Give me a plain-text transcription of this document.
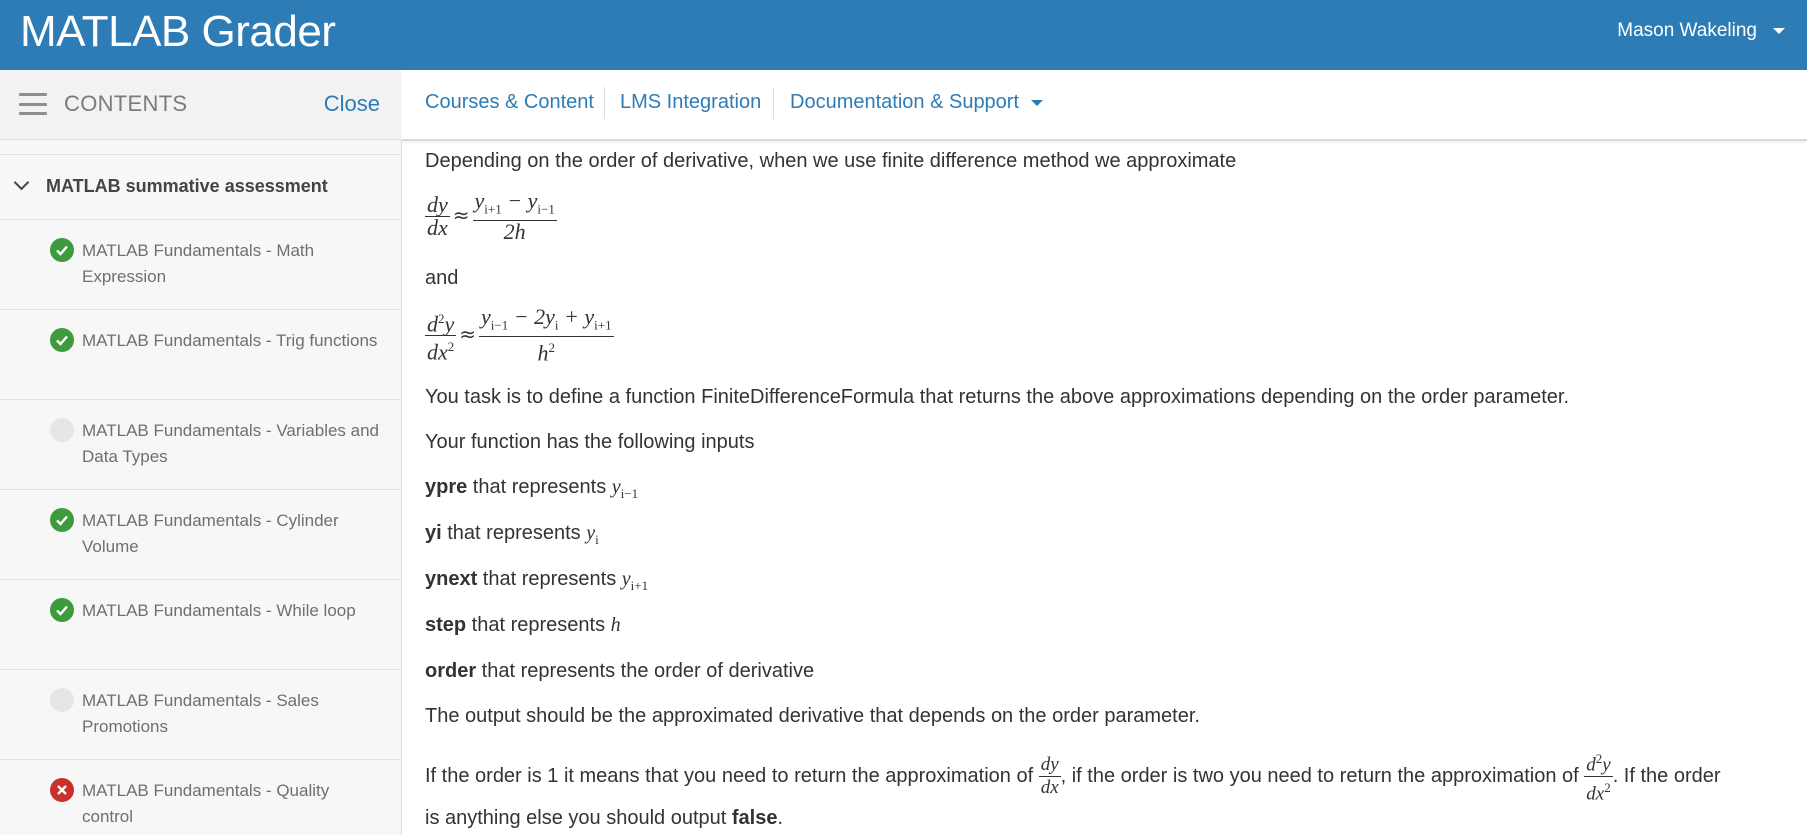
MATLAB Grader	Mason Wakeling
CONTENTS	Close
MATLAB summative assessment
MATLAB Fundamentals - Math Expression
MATLAB Fundamentals - Trig functions
MATLAB Fundamentals - Variables and Data Types
MATLAB Fundamentals - Cylinder Volume
MATLAB Fundamentals - While loop
MATLAB Fundamentals - Sales Promotions
MATLAB Fundamentals - Quality control
Courses & Content LMS Integration Documentation & Support
Depending on the order of derivative, when we use finite difference method we approximate
$\frac{dy}{dx} \approx \frac{y_{i+1} - y_{i-1}}{2h}$
and
$\frac{d^2y}{dx^2} \approx \frac{y_{i-1} - 2y_i + y_{i+1}}{h^2}$
You task is to define a function FiniteDifferenceFormula that returns the above approximations depending on the order parameter.
Your function has the following inputs
ypre that represents $y_{i-1}$
yi that represents $y_i$
ynext that represents $y_{i+1}$
step that represents h
order that represents the order of derivative
The output should be the approximated derivative that depends on the order parameter.
If the order is 1 it means that you need to return the approximation of $\frac{dy}{dx}$ , if the order is two you need to return the approximation of $\frac{d^2y}{dx^2}$ . If the order
is anything else you should output false.
